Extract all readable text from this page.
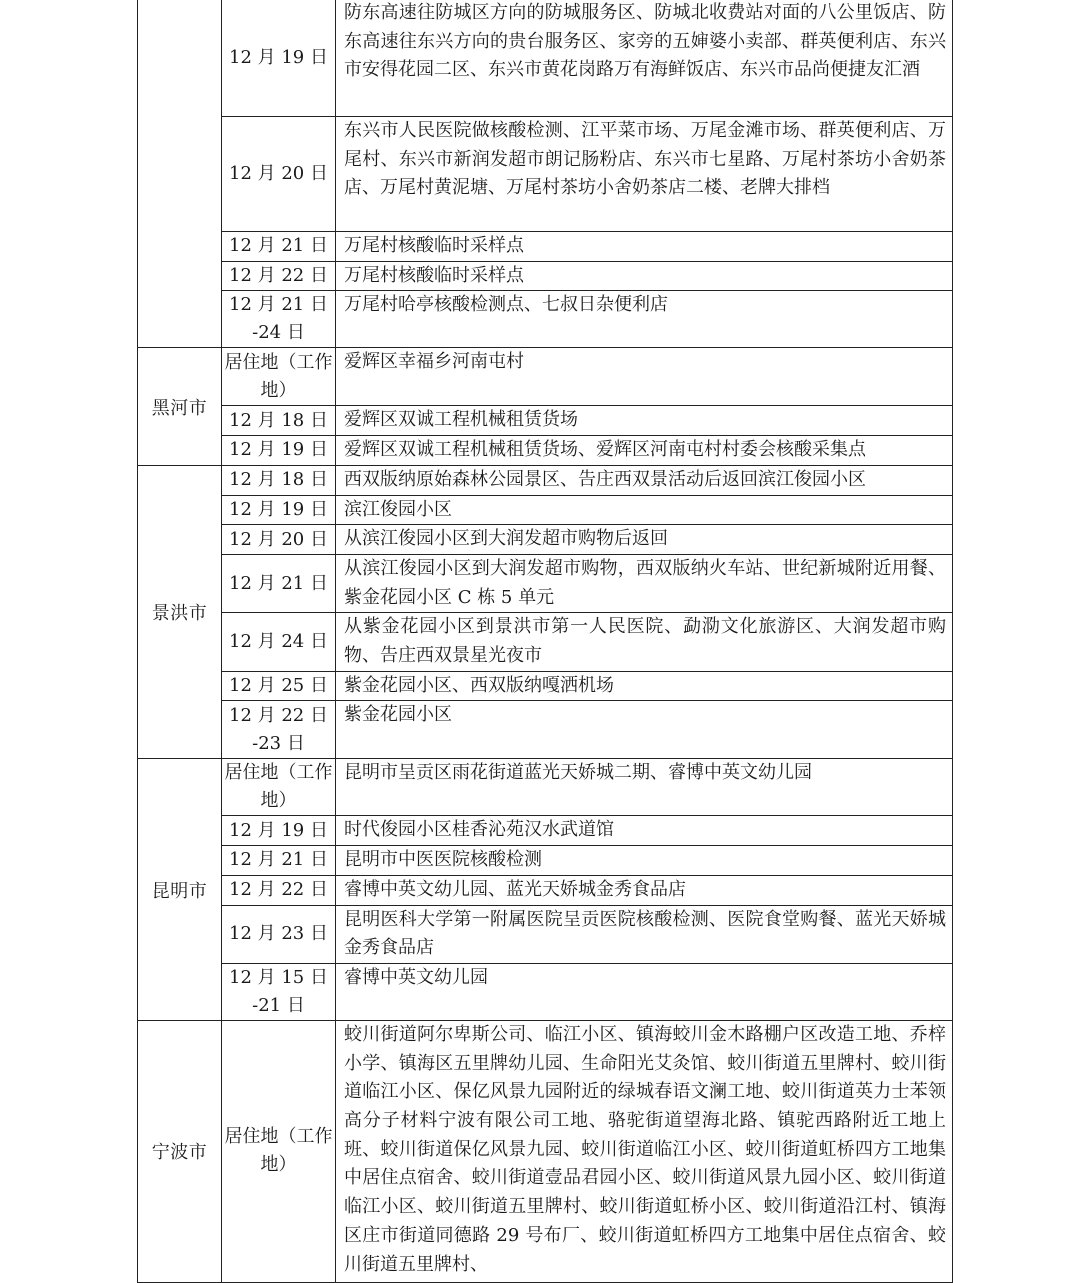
	12 月 19 日	防东高速往防城区方向的防城服务区、防城北收费站对面的八公里饭店、防东高速往东兴方向的贵台服务区、家旁的五婶婆小卖部、群英便利店、东兴市安得花园二区、东兴市黄花岗路万有海鲜饭店、东兴市品尚便捷友汇酒
	12 月 20 日	东兴市人民医院做核酸检测、江平菜市场、万尾金滩市场、群英便利店、万尾村、东兴市新润发超市朗记肠粉店、东兴市七星路、万尾村茶坊小舍奶茶店、万尾村黄泥塘、万尾村茶坊小舍奶茶店二楼、老牌大排档
	12 月 21 日	万尾村核酸临时采样点
	12 月 22 日	万尾村核酸临时采样点
	12 月 21 日 -24 日	万尾村哈亭核酸检测点、七叔日杂便利店
黑河市	居住地（工作地）	爱辉区幸福乡河南屯村
	12 月 18 日	爱辉区双诚工程机械租赁货场
	12 月 19 日	爱辉区双诚工程机械租赁货场、爱辉区河南屯村村委会核酸采集点
景洪市	12 月 18 日	西双版纳原始森林公园景区、告庄西双景活动后返回滨江俊园小区
	12 月 19 日	滨江俊园小区
	12 月 20 日	从滨江俊园小区到大润发超市购物后返回
	12 月 21 日	从滨江俊园小区到大润发超市购物，西双版纳火车站、世纪新城附近用餐、紫金花园小区 C 栋 5 单元
	12 月 24 日	从紫金花园小区到景洪市第一人民医院、勐泐文化旅游区、大润发超市购物、告庄西双景星光夜市
	12 月 25 日	紫金花园小区、西双版纳嘎洒机场
	12 月 22 日 -23 日	紫金花园小区
昆明市	居住地（工作地）	昆明市呈贡区雨花街道蓝光天娇城二期、睿博中英文幼儿园
	12 月 19 日	时代俊园小区桂香沁苑汉水武道馆
	12 月 21 日	昆明市中医医院核酸检测
	12 月 22 日	睿博中英文幼儿园、蓝光天娇城金秀食品店
	12 月 23 日	昆明医科大学第一附属医院呈贡医院核酸检测、医院食堂购餐、蓝光天娇城金秀食品店
	12 月 15 日 -21 日	睿博中英文幼儿园
宁波市	居住地（工作地）	蛟川街道阿尔卑斯公司、临江小区、镇海蛟川金木路棚户区改造工地、乔梓小学、镇海区五里牌幼儿园、生命阳光艾灸馆、蛟川街道五里牌村、蛟川街道临江小区、保亿风景九园附近的绿城春语文澜工地、蛟川街道英力士苯领高分子材料宁波有限公司工地、骆驼街道望海北路、镇驼西路附近工地上班、蛟川街道保亿风景九园、蛟川街道临江小区、蛟川街道虹桥四方工地集中居住点宿舍、蛟川街道壹品君园小区、蛟川街道风景九园小区、蛟川街道临江小区、蛟川街道五里牌村、蛟川街道虹桥小区、蛟川街道沿江村、镇海区庄市街道同德路 29 号布厂、蛟川街道虹桥四方工地集中居住点宿舍、蛟川街道五里牌村、
